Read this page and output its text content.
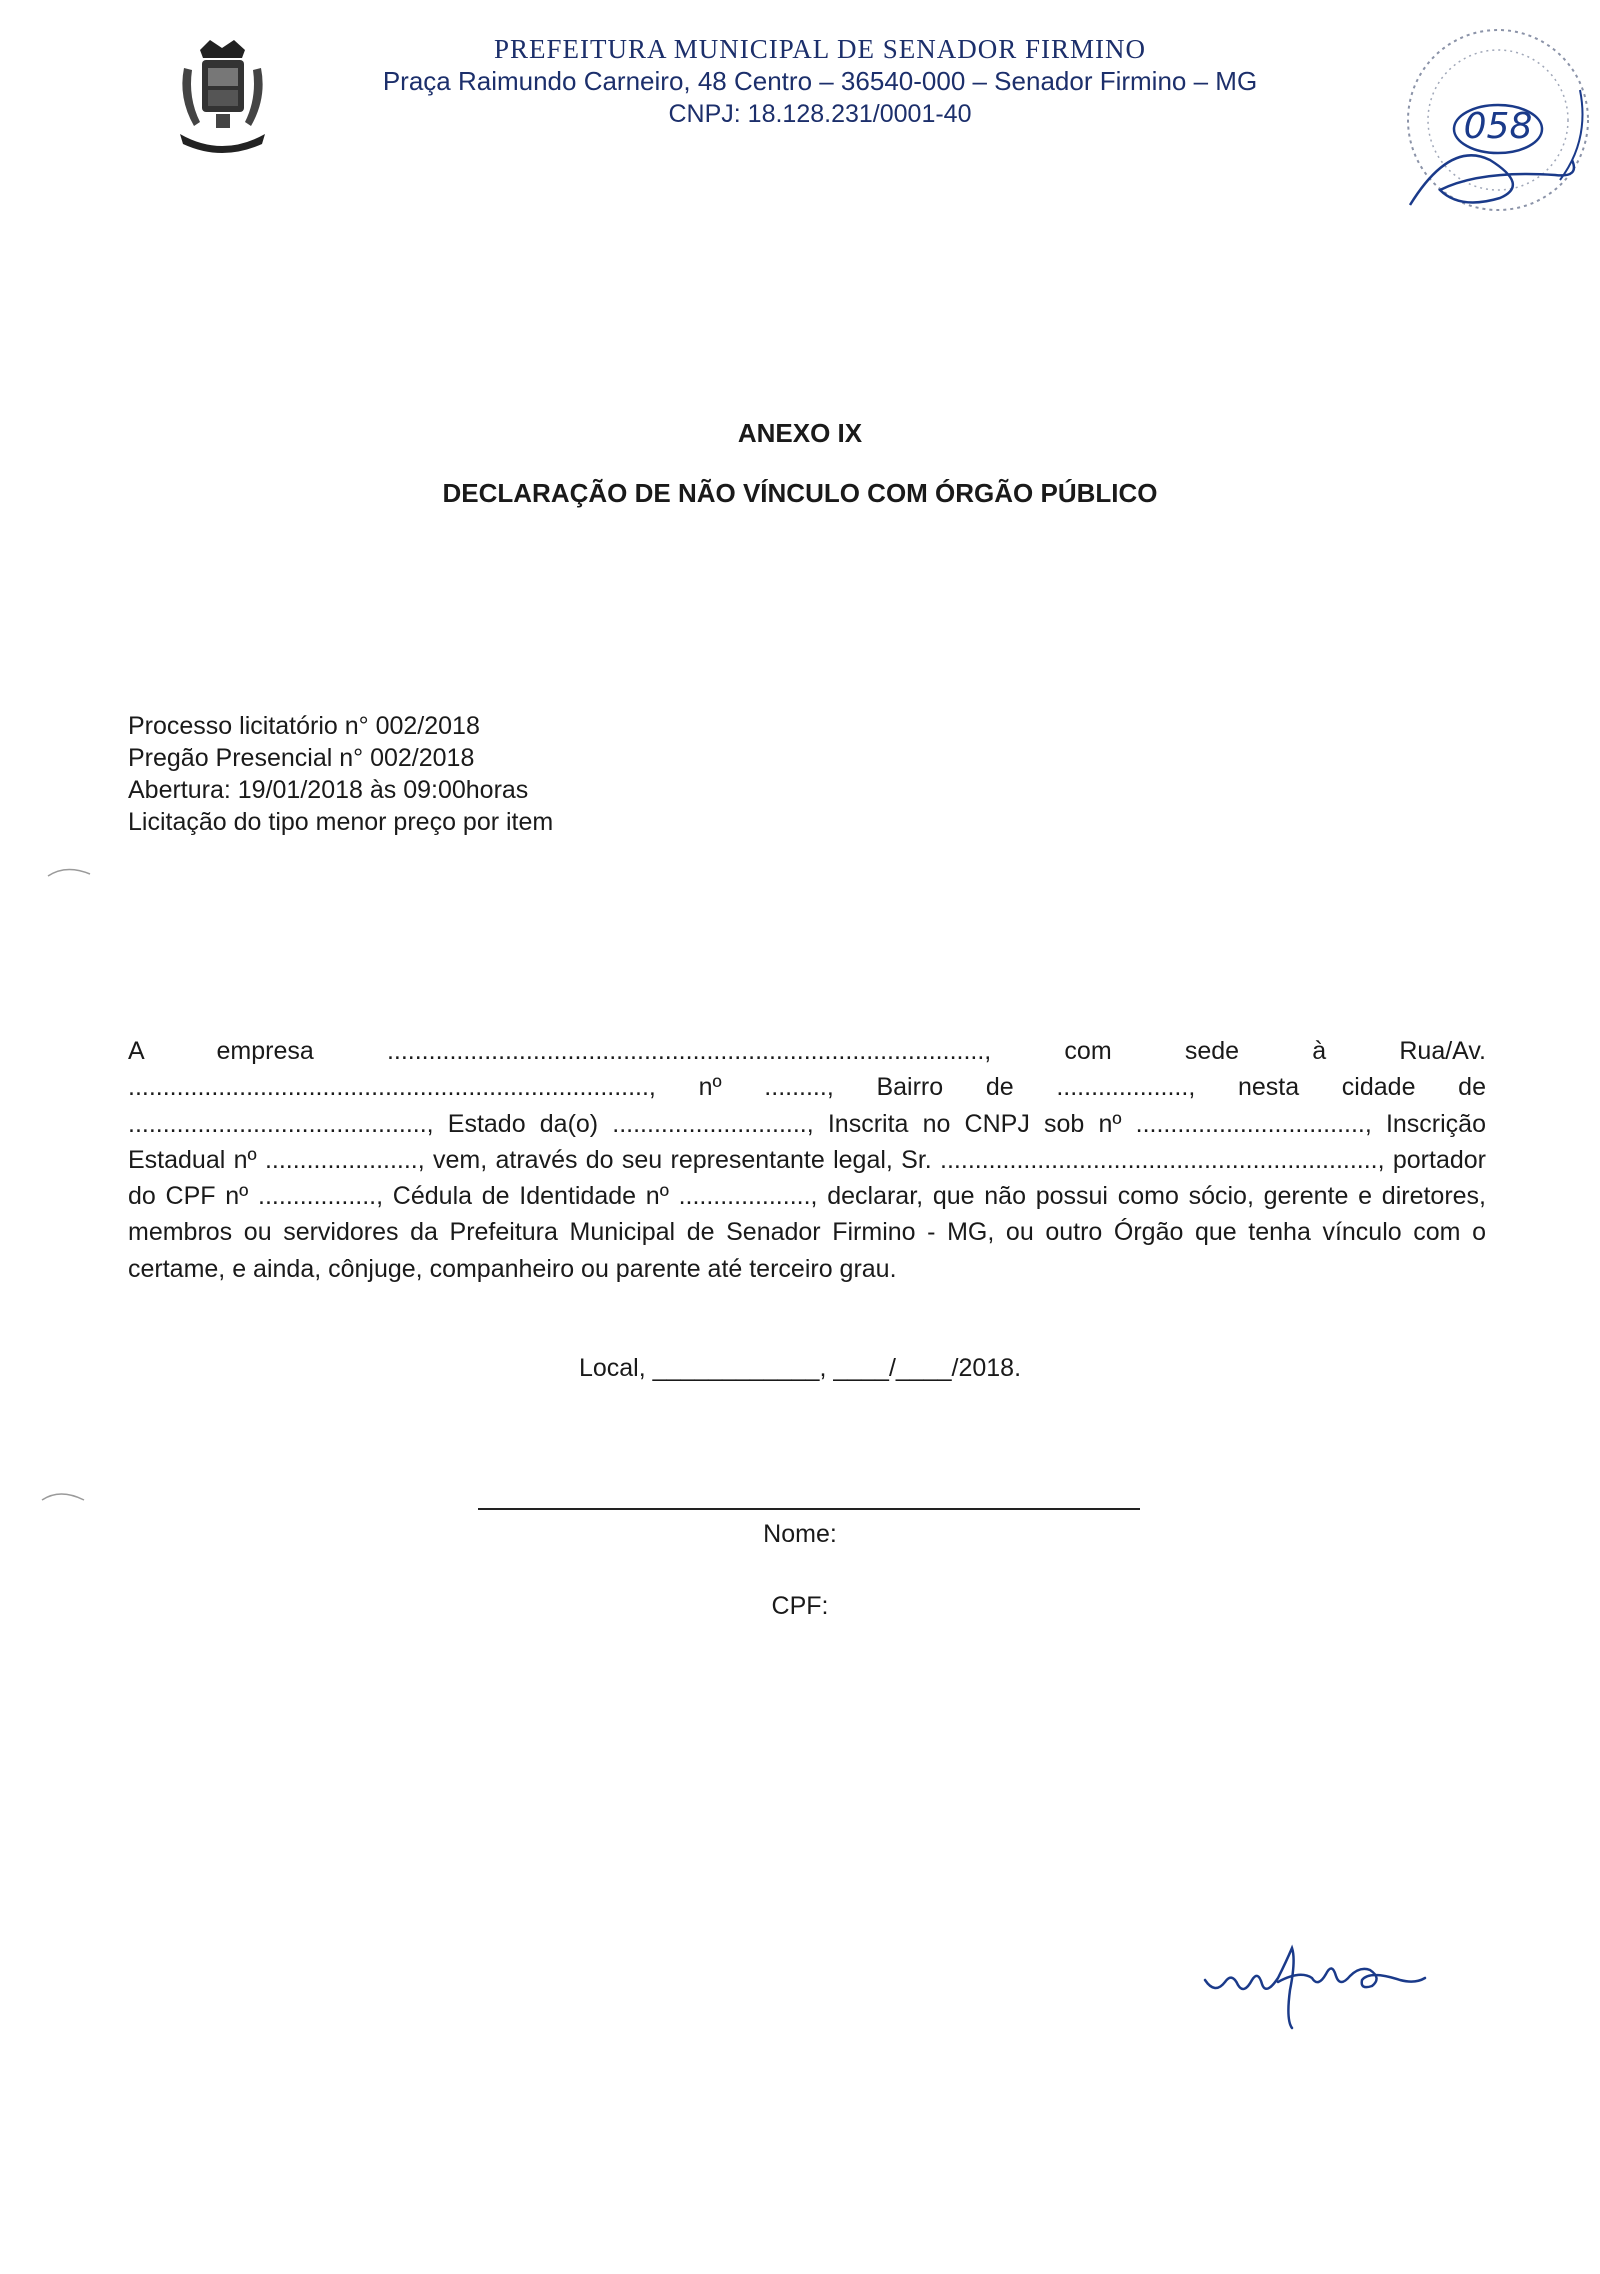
PREFEITURA MUNICIPAL DE SENADOR FIRMINO
Praça Raimundo Carneiro, 48 Centro – 36540-000 – Senador Firmino – MG
CNPJ: 18.128.231/0001-40	058
ANEXO IX
DECLARAÇÃO DE NÃO VÍNCULO COM ÓRGÃO PÚBLICO
Processo licitatório n° 002/2018
Pregão Presencial n° 002/2018
Abertura: 19/01/2018 às 09:00horas
Licitação do tipo menor preço por item
A empresa ......................................................................................, com sede à Rua/Av. ..........................................................................., nº ........., Bairro de ..................., nesta cidade de ..........................................., Estado da(o) ............................, Inscrita no CNPJ sob nº ................................., Inscrição Estadual nº ......................, vem, através do seu representante legal, Sr. ..............................................................., portador do CPF nº ................., Cédula de Identidade nº ..................., declarar, que não possui como sócio, gerente e diretores, membros ou servidores da Prefeitura Municipal de Senador Firmino - MG, ou outro Órgão que tenha vínculo com o certame, e ainda, cônjuge, companheiro ou parente até terceiro grau.
Local, ____________, ____/____/2018.
Nome:
CPF:
